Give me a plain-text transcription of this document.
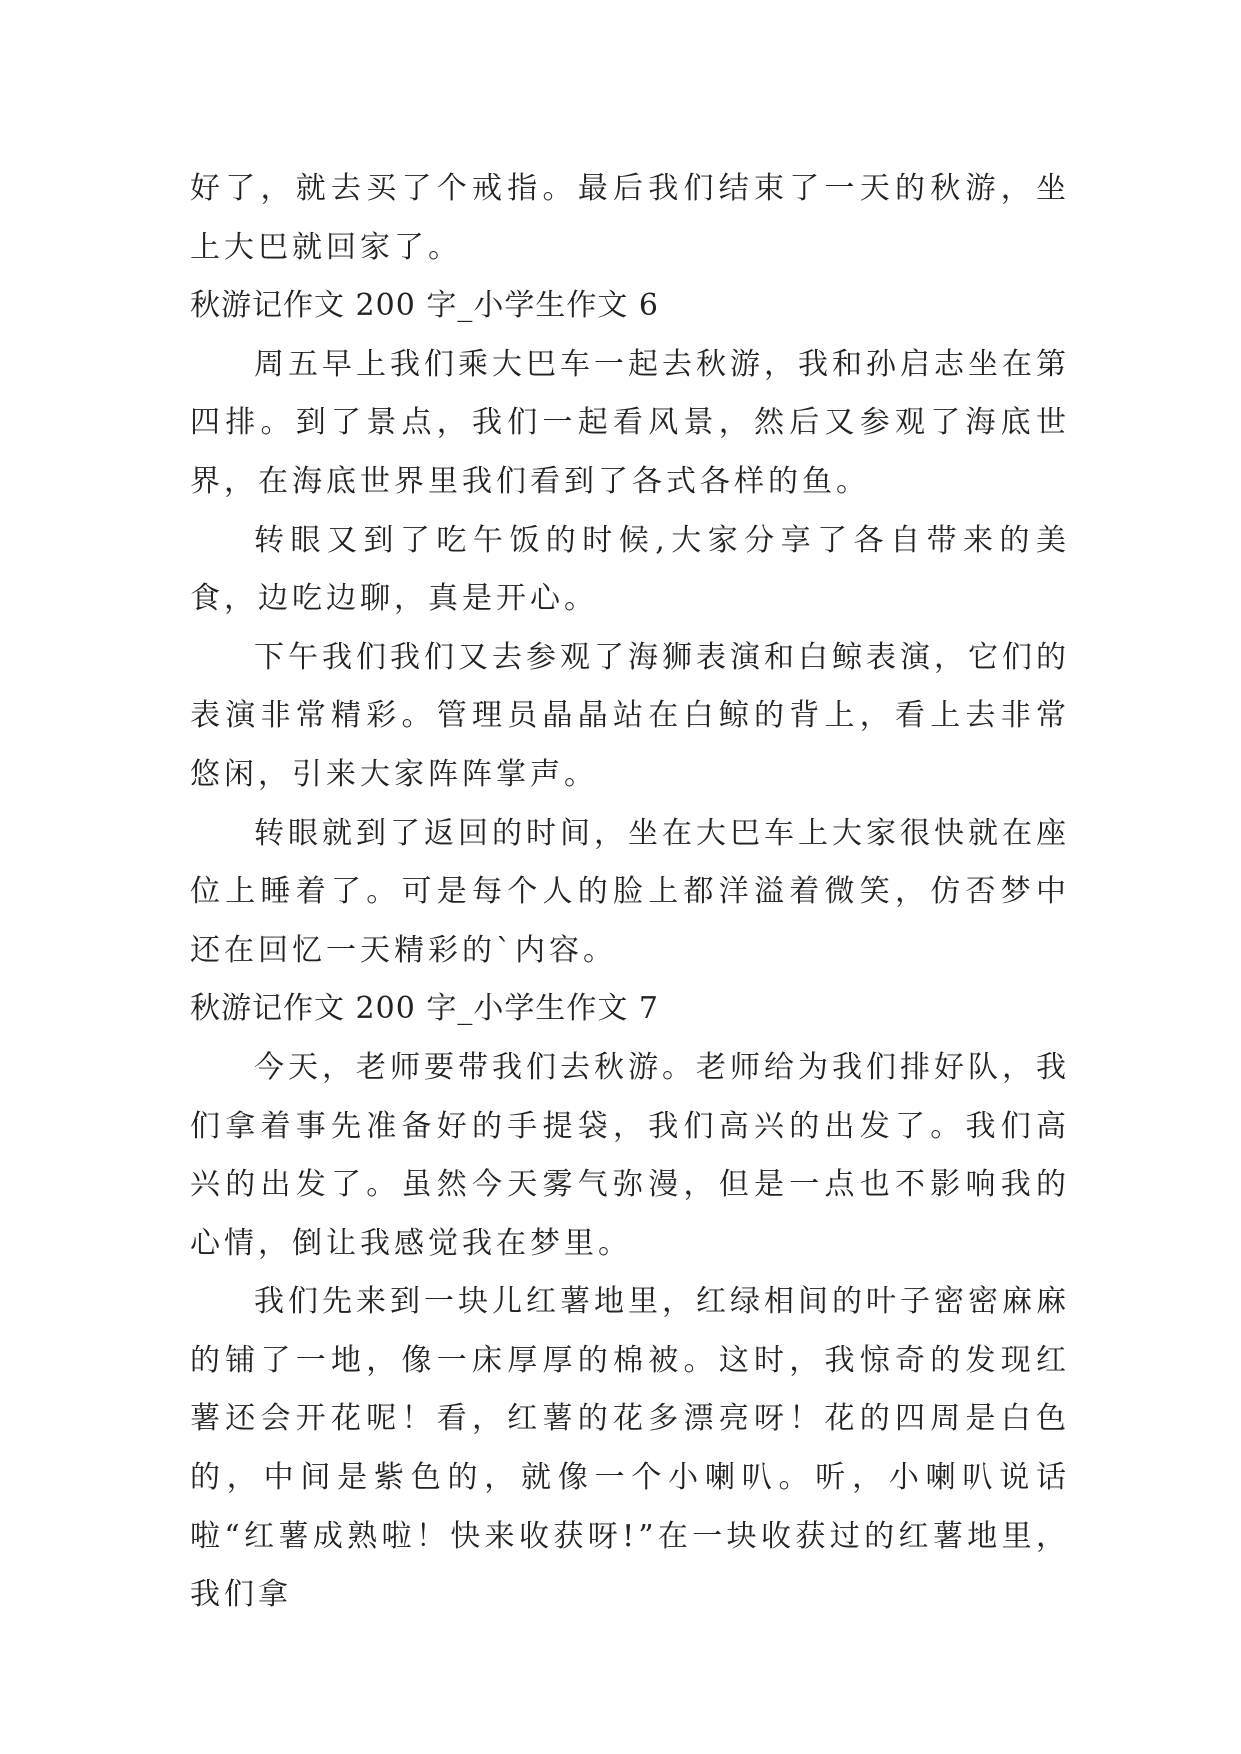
好了，就去买了个戒指。最后我们结束了一天的秋游，坐上大巴就回家了。

秋游记作文 200 字_小学生作文 6

周五早上我们乘大巴车一起去秋游，我和孙启志坐在第四排。到了景点，我们一起看风景，然后又参观了海底世界，在海底世界里我们看到了各式各样的鱼。

转眼又到了吃午饭的时候,大家分享了各自带来的美食，边吃边聊，真是开心。

下午我们我们又去参观了海狮表演和白鲸表演，它们的表演非常精彩。管理员晶晶站在白鲸的背上，看上去非常悠闲，引来大家阵阵掌声。

转眼就到了返回的时间，坐在大巴车上大家很快就在座位上睡着了。可是每个人的脸上都洋溢着微笑，仿否梦中还在回忆一天精彩的`内容。

秋游记作文 200 字_小学生作文 7

今天，老师要带我们去秋游。老师给为我们排好队，我们拿着事先准备好的手提袋，我们高兴的出发了。我们高兴的出发了。虽然今天雾气弥漫，但是一点也不影响我的心情，倒让我感觉我在梦里。

我们先来到一块儿红薯地里，红绿相间的叶子密密麻麻的铺了一地，像一床厚厚的棉被。这时，我惊奇的发现红薯还会开花呢！看，红薯的花多漂亮呀！花的四周是白色的，中间是紫色的，就像一个小喇叭。听，小喇叭说话啦“红薯成熟啦！快来收获呀!”在一块收获过的红薯地里，我们拿
